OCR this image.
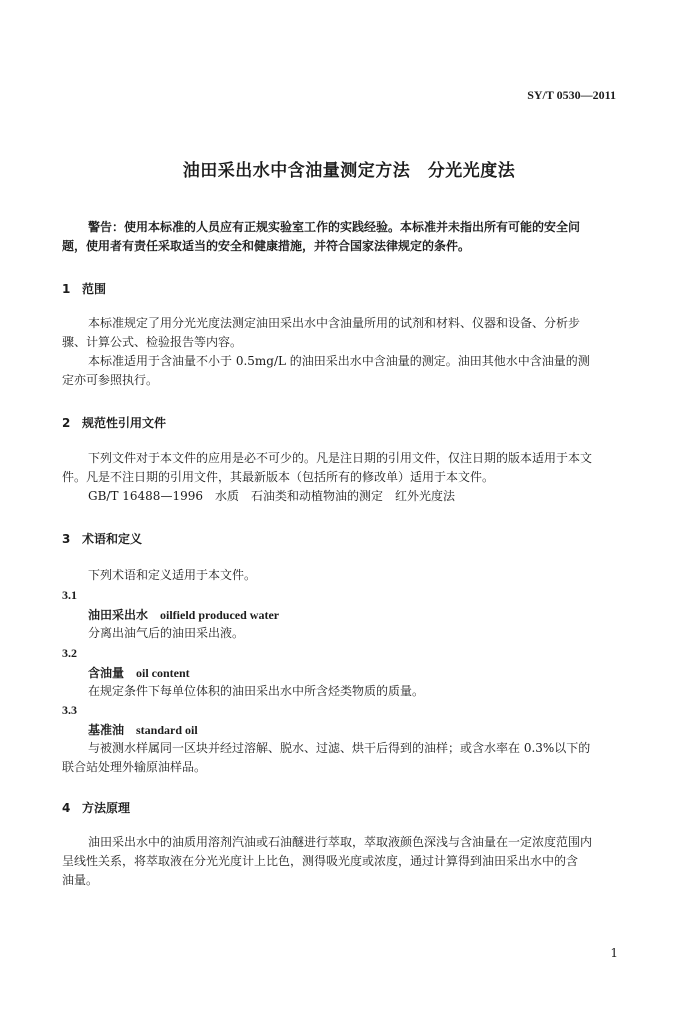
SY/T 0530—2011

油田采出水中含油量测定方法　分光光度法

警告：使用本标准的人员应有正规实验室工作的实践经验。本标准并未指出所有可能的安全问

题，使用者有责任采取适当的安全和健康措施，并符合国家法律规定的条件。

1 范围

本标准规定了用分光光度法测定油田采出水中含油量所用的试剂和材料、仪器和设备、分析步

骤、计算公式、检验报告等内容。

本标准适用于含油量不小于 0.5mg/L 的油田采出水中含油量的测定。油田其他水中含油量的测

定亦可参照执行。

2 规范性引用文件

下列文件对于本文件的应用是必不可少的。凡是注日期的引用文件，仅注日期的版本适用于本文

件。凡是不注日期的引用文件，其最新版本（包括所有的修改单）适用于本文件。

GB/T 16488—1996　水质　石油类和动植物油的测定　红外光度法

3 术语和定义

下列术语和定义适用于本文件。

3.1

油田采出水 oilfield produced water

分离出油气后的油田采出液。

3.2

含油量 oil content

在规定条件下每单位体积的油田采出水中所含烃类物质的质量。

3.3

基准油 standard oil

与被测水样属同一区块并经过溶解、脱水、过滤、烘干后得到的油样；或含水率在 0.3%以下的

联合站处理外输原油样品。

4 方法原理

油田采出水中的油质用溶剂汽油或石油醚进行萃取，萃取液颜色深浅与含油量在一定浓度范围内

呈线性关系，将萃取液在分光光度计上比色，测得吸光度或浓度，通过计算得到油田采出水中的含

油量。

1
